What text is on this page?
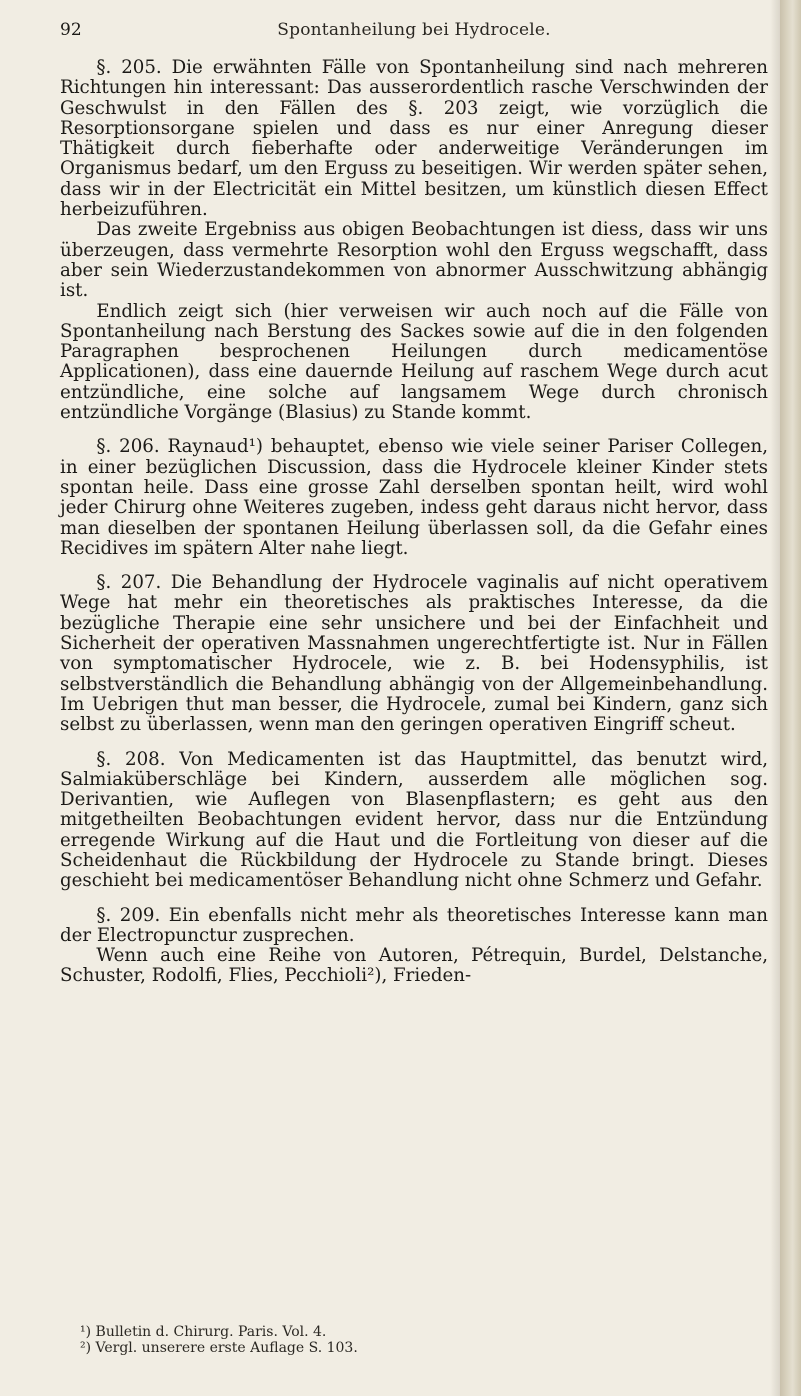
92	Spontanheilung bei Hydrocele.

§. 205. Die erwähnten Fälle von Spontanheilung sind nach mehreren Richtungen hin interessant: Das ausserordentlich rasche Verschwinden der Geschwulst in den Fällen des §. 203 zeigt, wie vorzüglich die Resorptionsorgane spielen und dass es nur einer Anregung dieser Thätigkeit durch fieberhafte oder anderweitige Veränderungen im Organismus bedarf, um den Erguss zu beseitigen. Wir werden später sehen, dass wir in der Electricität ein Mittel besitzen, um künstlich diesen Effect herbeizuführen.

Das zweite Ergebniss aus obigen Beobachtungen ist diess, dass wir uns überzeugen, dass vermehrte Resorption wohl den Erguss wegschafft, dass aber sein Wiederzustandekommen von abnormer Ausschwitzung abhängig ist.

Endlich zeigt sich (hier verweisen wir auch noch auf die Fälle von Spontanheilung nach Berstung des Sackes sowie auf die in den folgenden Paragraphen besprochenen Heilungen durch medicamentöse Applicationen), dass eine dauernde Heilung auf raschem Wege durch acut entzündliche, eine solche auf langsamem Wege durch chronisch entzündliche Vorgänge (Blasius) zu Stande kommt.

§. 206. Raynaud¹) behauptet, ebenso wie viele seiner Pariser Collegen, in einer bezüglichen Discussion, dass die Hydrocele kleiner Kinder stets spontan heile. Dass eine grosse Zahl derselben spontan heilt, wird wohl jeder Chirurg ohne Weiteres zugeben, indess geht daraus nicht hervor, dass man dieselben der spontanen Heilung überlassen soll, da die Gefahr eines Recidives im spätern Alter nahe liegt.

§. 207. Die Behandlung der Hydrocele vaginalis auf nicht operativem Wege hat mehr ein theoretisches als praktisches Interesse, da die bezügliche Therapie eine sehr unsichere und bei der Einfachheit und Sicherheit der operativen Massnahmen ungerechtfertigte ist. Nur in Fällen von symptomatischer Hydrocele, wie z. B. bei Hodensyphilis, ist selbstverständlich die Behandlung abhängig von der Allgemeinbehandlung. Im Uebrigen thut man besser, die Hydrocele, zumal bei Kindern, ganz sich selbst zu überlassen, wenn man den geringen operativen Eingriff scheut.

§. 208. Von Medicamenten ist das Hauptmittel, das benutzt wird, Salmiaküberschläge bei Kindern, ausserdem alle möglichen sog. Derivantien, wie Auflegen von Blasenpflastern; es geht aus den mitgetheilten Beobachtungen evident hervor, dass nur die Entzündung erregende Wirkung auf die Haut und die Fortleitung von dieser auf die Scheidenhaut die Rückbildung der Hydrocele zu Stande bringt. Dieses geschieht bei medicamentöser Behandlung nicht ohne Schmerz und Gefahr.

§. 209. Ein ebenfalls nicht mehr als theoretisches Interesse kann man der Electropunctur zusprechen.

Wenn auch eine Reihe von Autoren, Pétrequin, Burdel, Delstanche, Schuster, Rodolfi, Flies, Pecchioli²), Frieden-

¹) Bulletin d. Chirurg. Paris. Vol. 4.
²) Vergl. unserere erste Auflage S. 103.
